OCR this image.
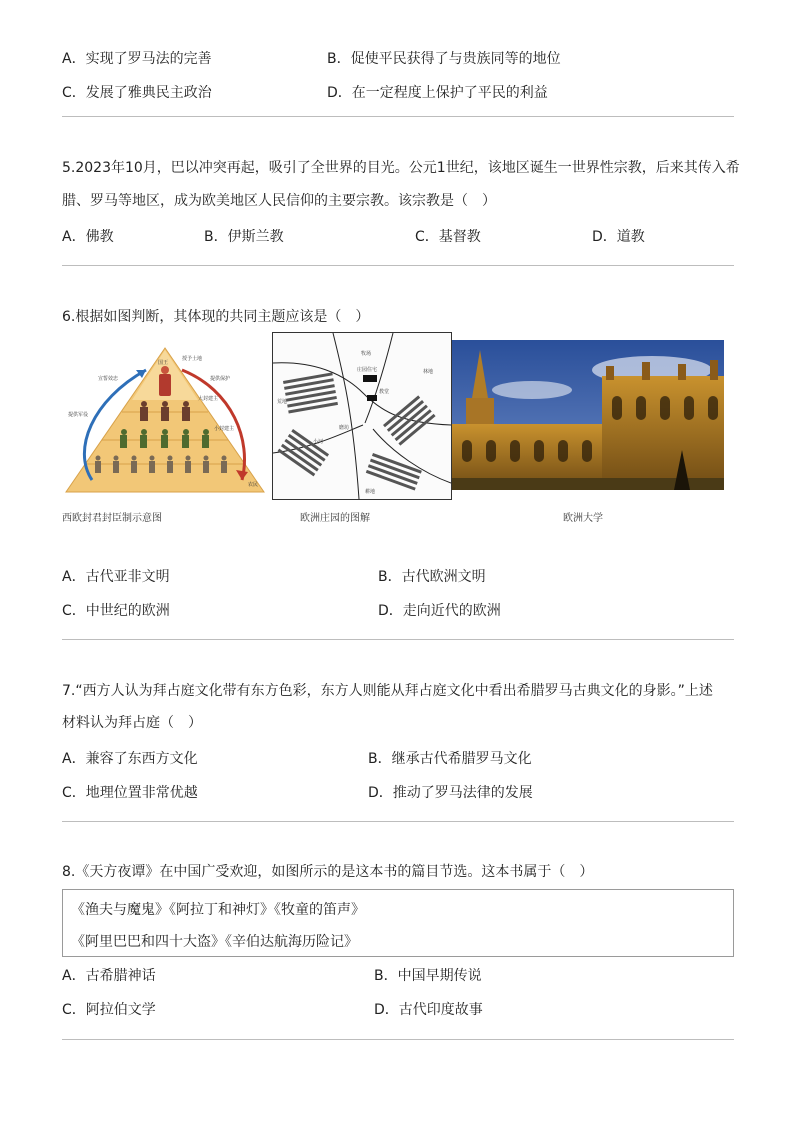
A．实现了罗马法的完善	B．促使平民获得了与贵族同等的地位
C．发展了雅典民主政治	D．在一定程度上保护了平民的利益
5.2023年10月，巴以冲突再起，吸引了全世界的目光。公元1世纪，该地区诞生一世界性宗教，后来其传入希
腊、罗马等地区，成为欧美地区人民信仰的主要宗教。该宗教是（　）
A．佛教	B．伊斯兰教	C．基督教	D．道教
6.根据如图判断，其体现的共同主题应该是（　）
国王
大封建主
小封建主
农民
授予土地
提供保护
宣誓效忠
提供军役
牧场
林地
荒地
庄园住宅
教堂
磨坊
小河
耕地
西欧封君封臣制示意图	欧洲庄园的图解	欧洲大学
A．古代亚非文明	B．古代欧洲文明
C．中世纪的欧洲	D．走向近代的欧洲
7.“西方人认为拜占庭文化带有东方色彩，东方人则能从拜占庭文化中看出希腊罗马古典文化的身影。”上述
材料认为拜占庭（　）
A．兼容了东西方文化	B．继承古代希腊罗马文化
C．地理位置非常优越	D．推动了罗马法律的发展
8.《天方夜谭》在中国广受欢迎，如图所示的是这本书的篇目节选。这本书属于（　）
《渔夫与魔鬼》《阿拉丁和神灯》《牧童的笛声》
《阿里巴巴和四十大盗》《辛伯达航海历险记》
A．古希腊神话	B．中国早期传说
C．阿拉伯文学	D．古代印度故事
